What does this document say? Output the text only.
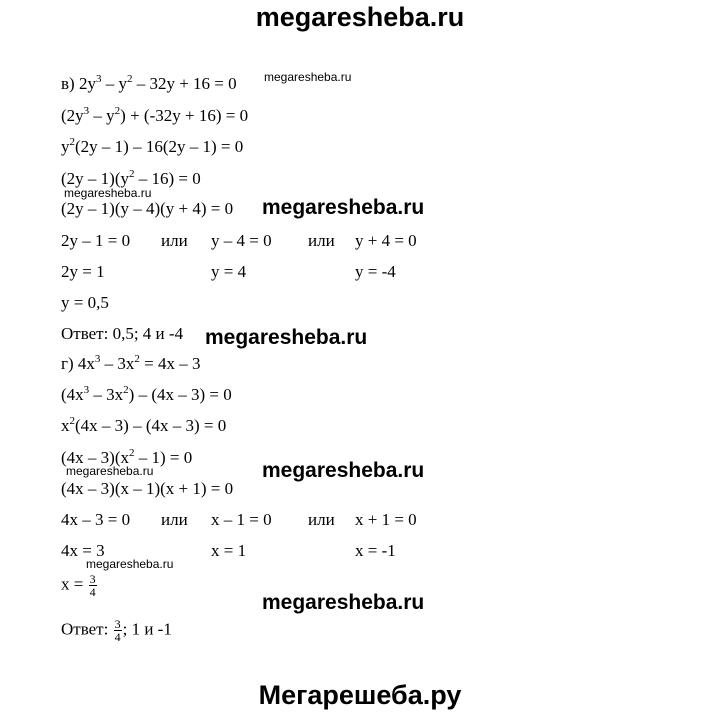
megaresheba.ru
в) $2y^3 - y^2 - 32y + 16 = 0$ megaresheba.ru
$(2y^3 - y^2) + (-32y + 16) = 0$
$y^2(2y - 1) - 16(2y - 1) = 0$
$(2y - 1)(y^2 - 16) = 0$
megaresheba.ru
(2y – 1)(y – 4)(y + 4) = 0 megaresheba.ru
2y – 1 = 0 или y – 4 = 0 или y + 4 = 0
2y = 1	y = 4	y = -4
y = 0,5
Ответ: 0,5; 4 и -4 megaresheba.ru
г) $4x^3 - 3x^2 = 4x - 3$
$(4x^3 - 3x^2) - (4x - 3) = 0$
$x^2(4x - 3) - (4x - 3) = 0$
$(4x - 3)(x^2 - 1) = 0$
megaresheba.ru	megaresheba.ru
(4x – 3)(x – 1)(x + 1) = 0
4x – 3 = 0 или x – 1 = 0 или x + 1 = 0
4x = 3	x = 1	x = -1
megaresheba.ru
$x = \frac{3}{4}$
megaresheba.ru
Ответ: $\frac{3}{4}$ ; 1 и -1
Мегарешеба.ру
